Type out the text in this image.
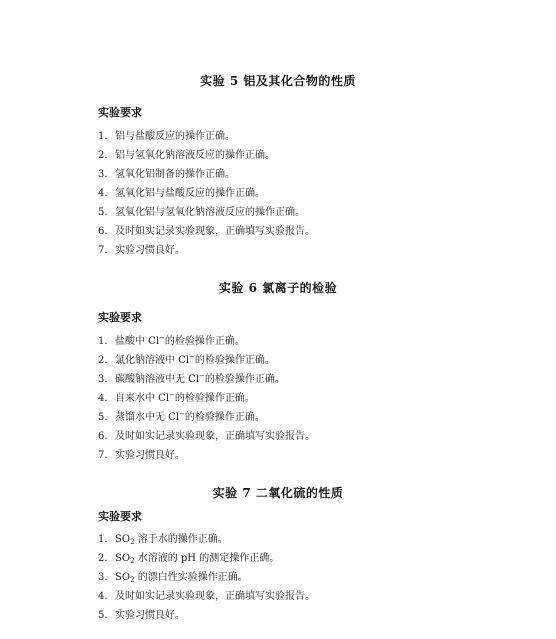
实验 5 铝及其化合物的性质
实验要求
1. 铝与盐酸反应的操作正确。
2. 铝与氢氧化钠溶液反应的操作正确。
3. 氢氧化铝制备的操作正确。
4. 氢氧化铝与盐酸反应的操作正确。
5. 氢氧化铝与氢氧化钠溶液反应的操作正确。
6. 及时如实记录实验现象，正确填写实验报告。
7. 实验习惯良好。
实验 6 氯离子的检验
实验要求
1. 盐酸中 Cl−的检验操作正确。
2. 氯化钠溶液中 Cl−的检验操作正确。
3. 碳酸钠溶液中无 Cl−的检验操作正确。
4. 自来水中 Cl−的检验操作正确。
5. 蒸馏水中无 Cl−的检验操作正确。
6. 及时如实记录实验现象，正确填写实验报告。
7. 实验习惯良好。
实验 7 二氧化硫的性质
实验要求
1. $SO_2$ 溶于水的操作正确。
2. $SO_2$ 水溶液的 pH 的测定操作正确。
3. $SO_2$ 的漂白性实验操作正确。
4. 及时如实记录实验现象，正确填写实验报告。
5. 实验习惯良好。
